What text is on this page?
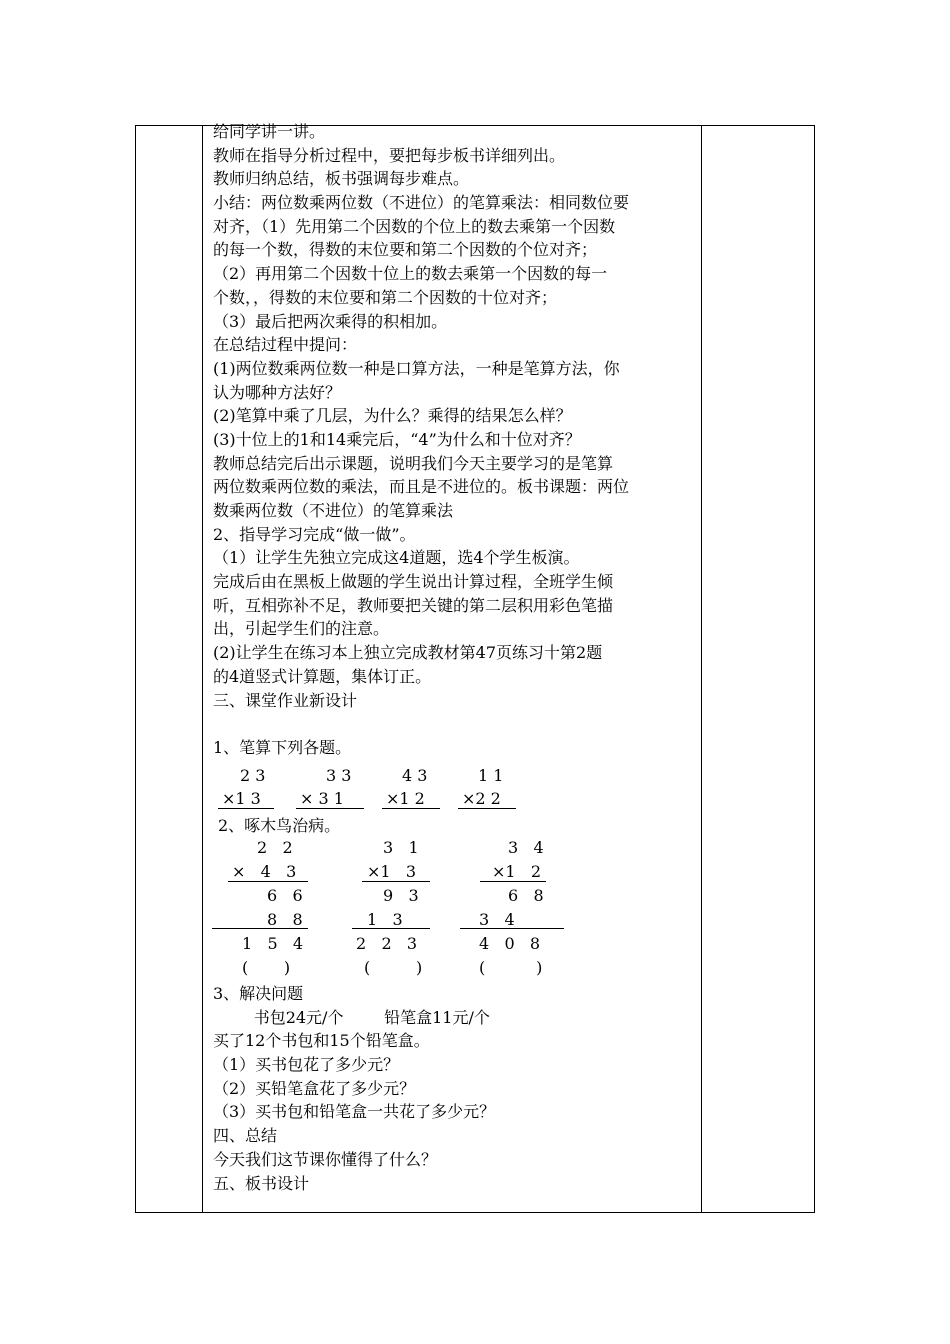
给同学讲一讲。
教师在指导分析过程中，要把每步板书详细列出。
教师归纳总结，板书强调每步难点。
小结：两位数乘两位数（不进位）的笔算乘法：相同数位要
对齐，（1）先用第二个因数的个位上的数去乘第一个因数
的每一个数，得数的末位要和第二个因数的个位对齐；
（2）再用第二个因数十位上的数去乘第一个因数的每一
个数，，得数的末位要和第二个因数的十位对齐；
（3）最后把两次乘得的积相加。
在总结过程中提问：
(1)两位数乘两位数一种是口算方法，一种是笔算方法，你
认为哪种方法好？
(2)笔算中乘了几层，为什么？乘得的结果怎么样？
(3)十位上的1和14乘完后，“4”为什么和十位对齐？
教师总结完后出示课题，说明我们今天主要学习的是笔算
两位数乘两位数的乘法，而且是不进位的。板书课题：两位
数乘两位数（不进位）的笔算乘法
2、指导学习完成“做一做”。
（1）让学生先独立完成这4道题，选4个学生板演。
完成后由在黑板上做题的学生说出计算过程，全班学生倾
听，互相弥补不足，教师要把关键的第二层积用彩色笔描
出，引起学生们的注意。
(2)让学生在练习本上独立完成教材第47页练习十第2题
的4道竖式计算题，集体订正。
三、课堂作业新设计
1、笔算下列各题。
2 3	3 3	4 3	1 1
×1 3 × 3 1	×1 2 ×2 2
2、啄木鸟治病。
2   2
×   4   3
6   6
8   8
1   5   4
(       )
3   1
×1   3
9   3
1   3
2   2   3
(         )
3   4
×1   2
6   8
3   4
4   0   8
(          )
3、解决问题
书包24元/个        铅笔盒11元/个
买了12个书包和15个铅笔盒。
（1）买书包花了多少元？
（2）买铅笔盒花了多少元？
（3）买书包和铅笔盒一共花了多少元？
四、总结
今天我们这节课你懂得了什么？
五、板书设计
